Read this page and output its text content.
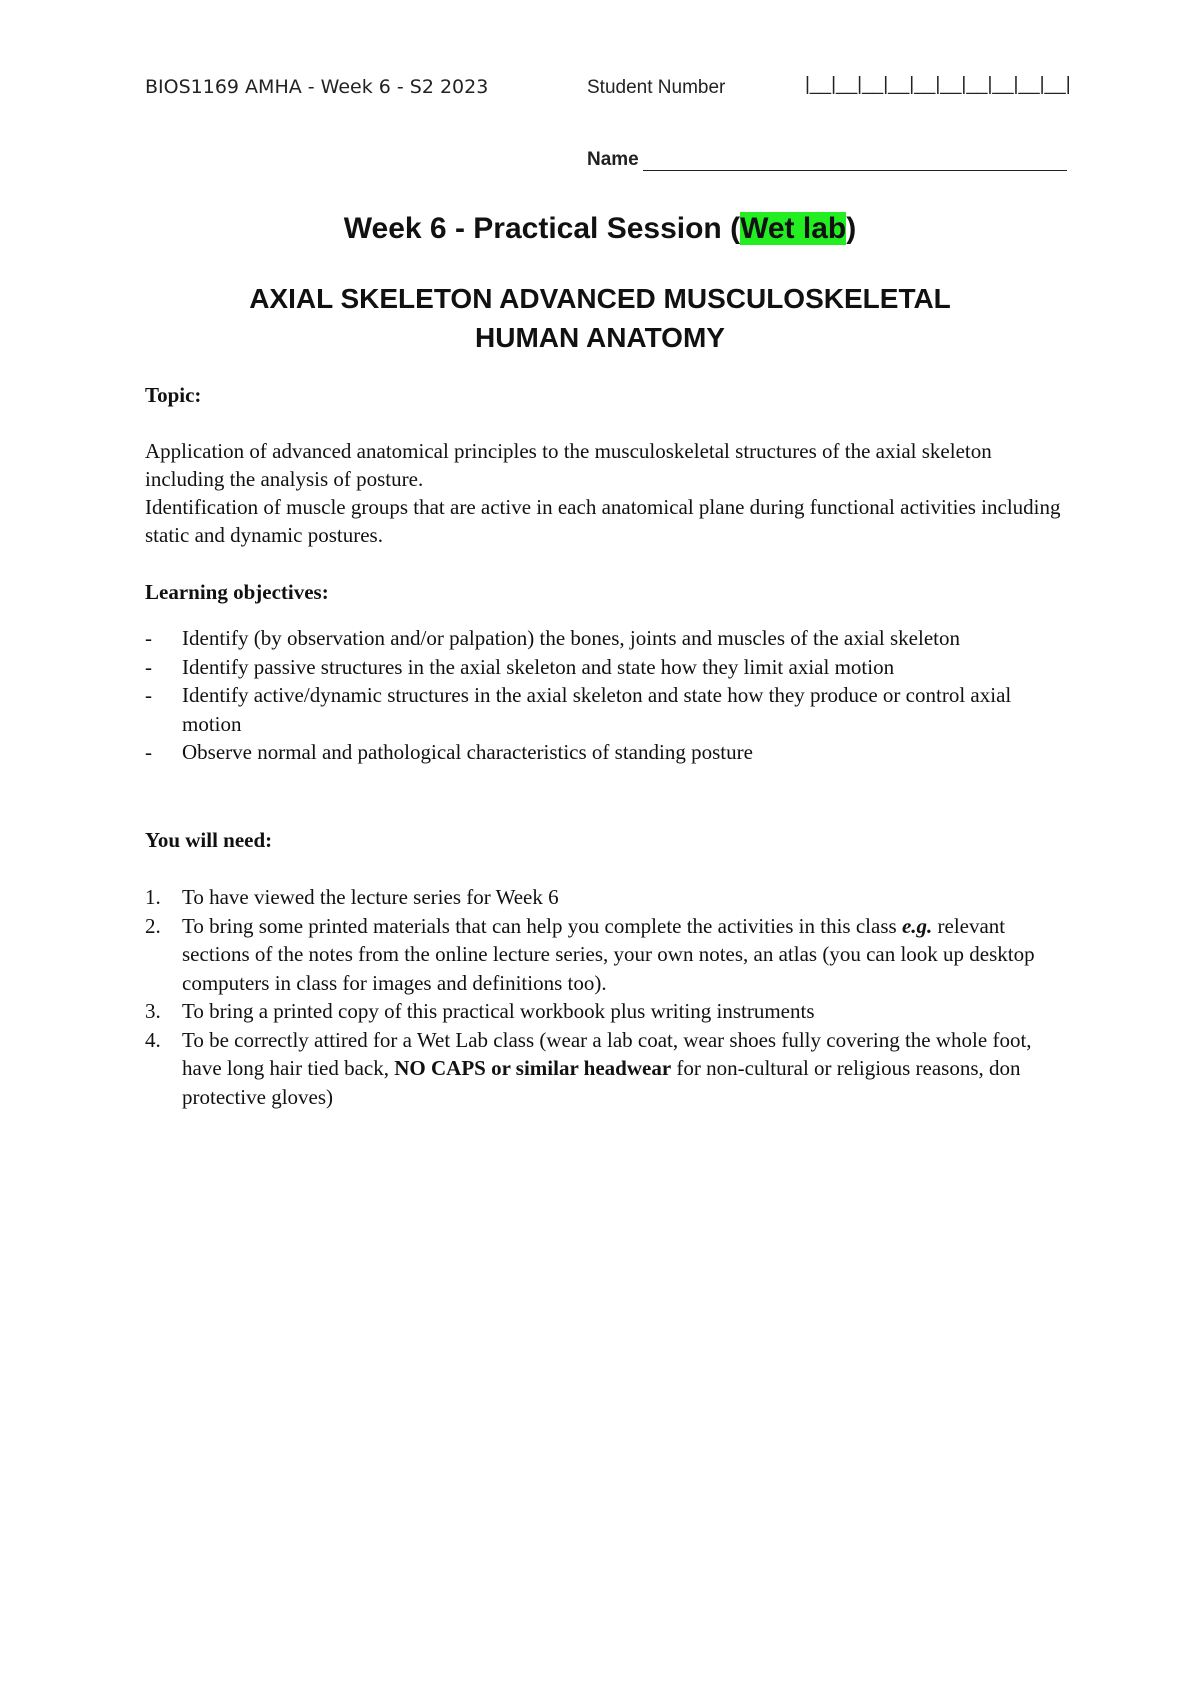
BIOS1169 AMHA - Week 6 - S2 2023	Student Number	|__|__|__|__|__|__|__|__|__|__|
Name
Week 6 - Practical Session (Wet lab)
AXIAL SKELETON ADVANCED MUSCULOSKELETAL
HUMAN ANATOMY
Topic:

Application of advanced anatomical principles to the musculoskeletal structures of the axial skeleton including the analysis of posture.

Identification of muscle groups that are active in each anatomical plane during functional activities including static and dynamic postures.

Learning objectives:
- Identify (by observation and/or palpation) the bones, joints and muscles of the axial skeleton
- Identify passive structures in the axial skeleton and state how they limit axial motion
- Identify active/dynamic structures in the axial skeleton and state how they produce or control axial motion
- Observe normal and pathological characteristics of standing posture
You will need:
1. To have viewed the lecture series for Week 6
2. To bring some printed materials that can help you complete the activities in this class e.g. relevant sections of the notes from the online lecture series, your own notes, an atlas (you can look up desktop computers in class for images and definitions too).
3. To bring a printed copy of this practical workbook plus writing instruments
4. To be correctly attired for a Wet Lab class (wear a lab coat, wear shoes fully covering the whole foot, have long hair tied back, NO CAPS or similar headwear for non-cultural or religious reasons, don protective gloves)
